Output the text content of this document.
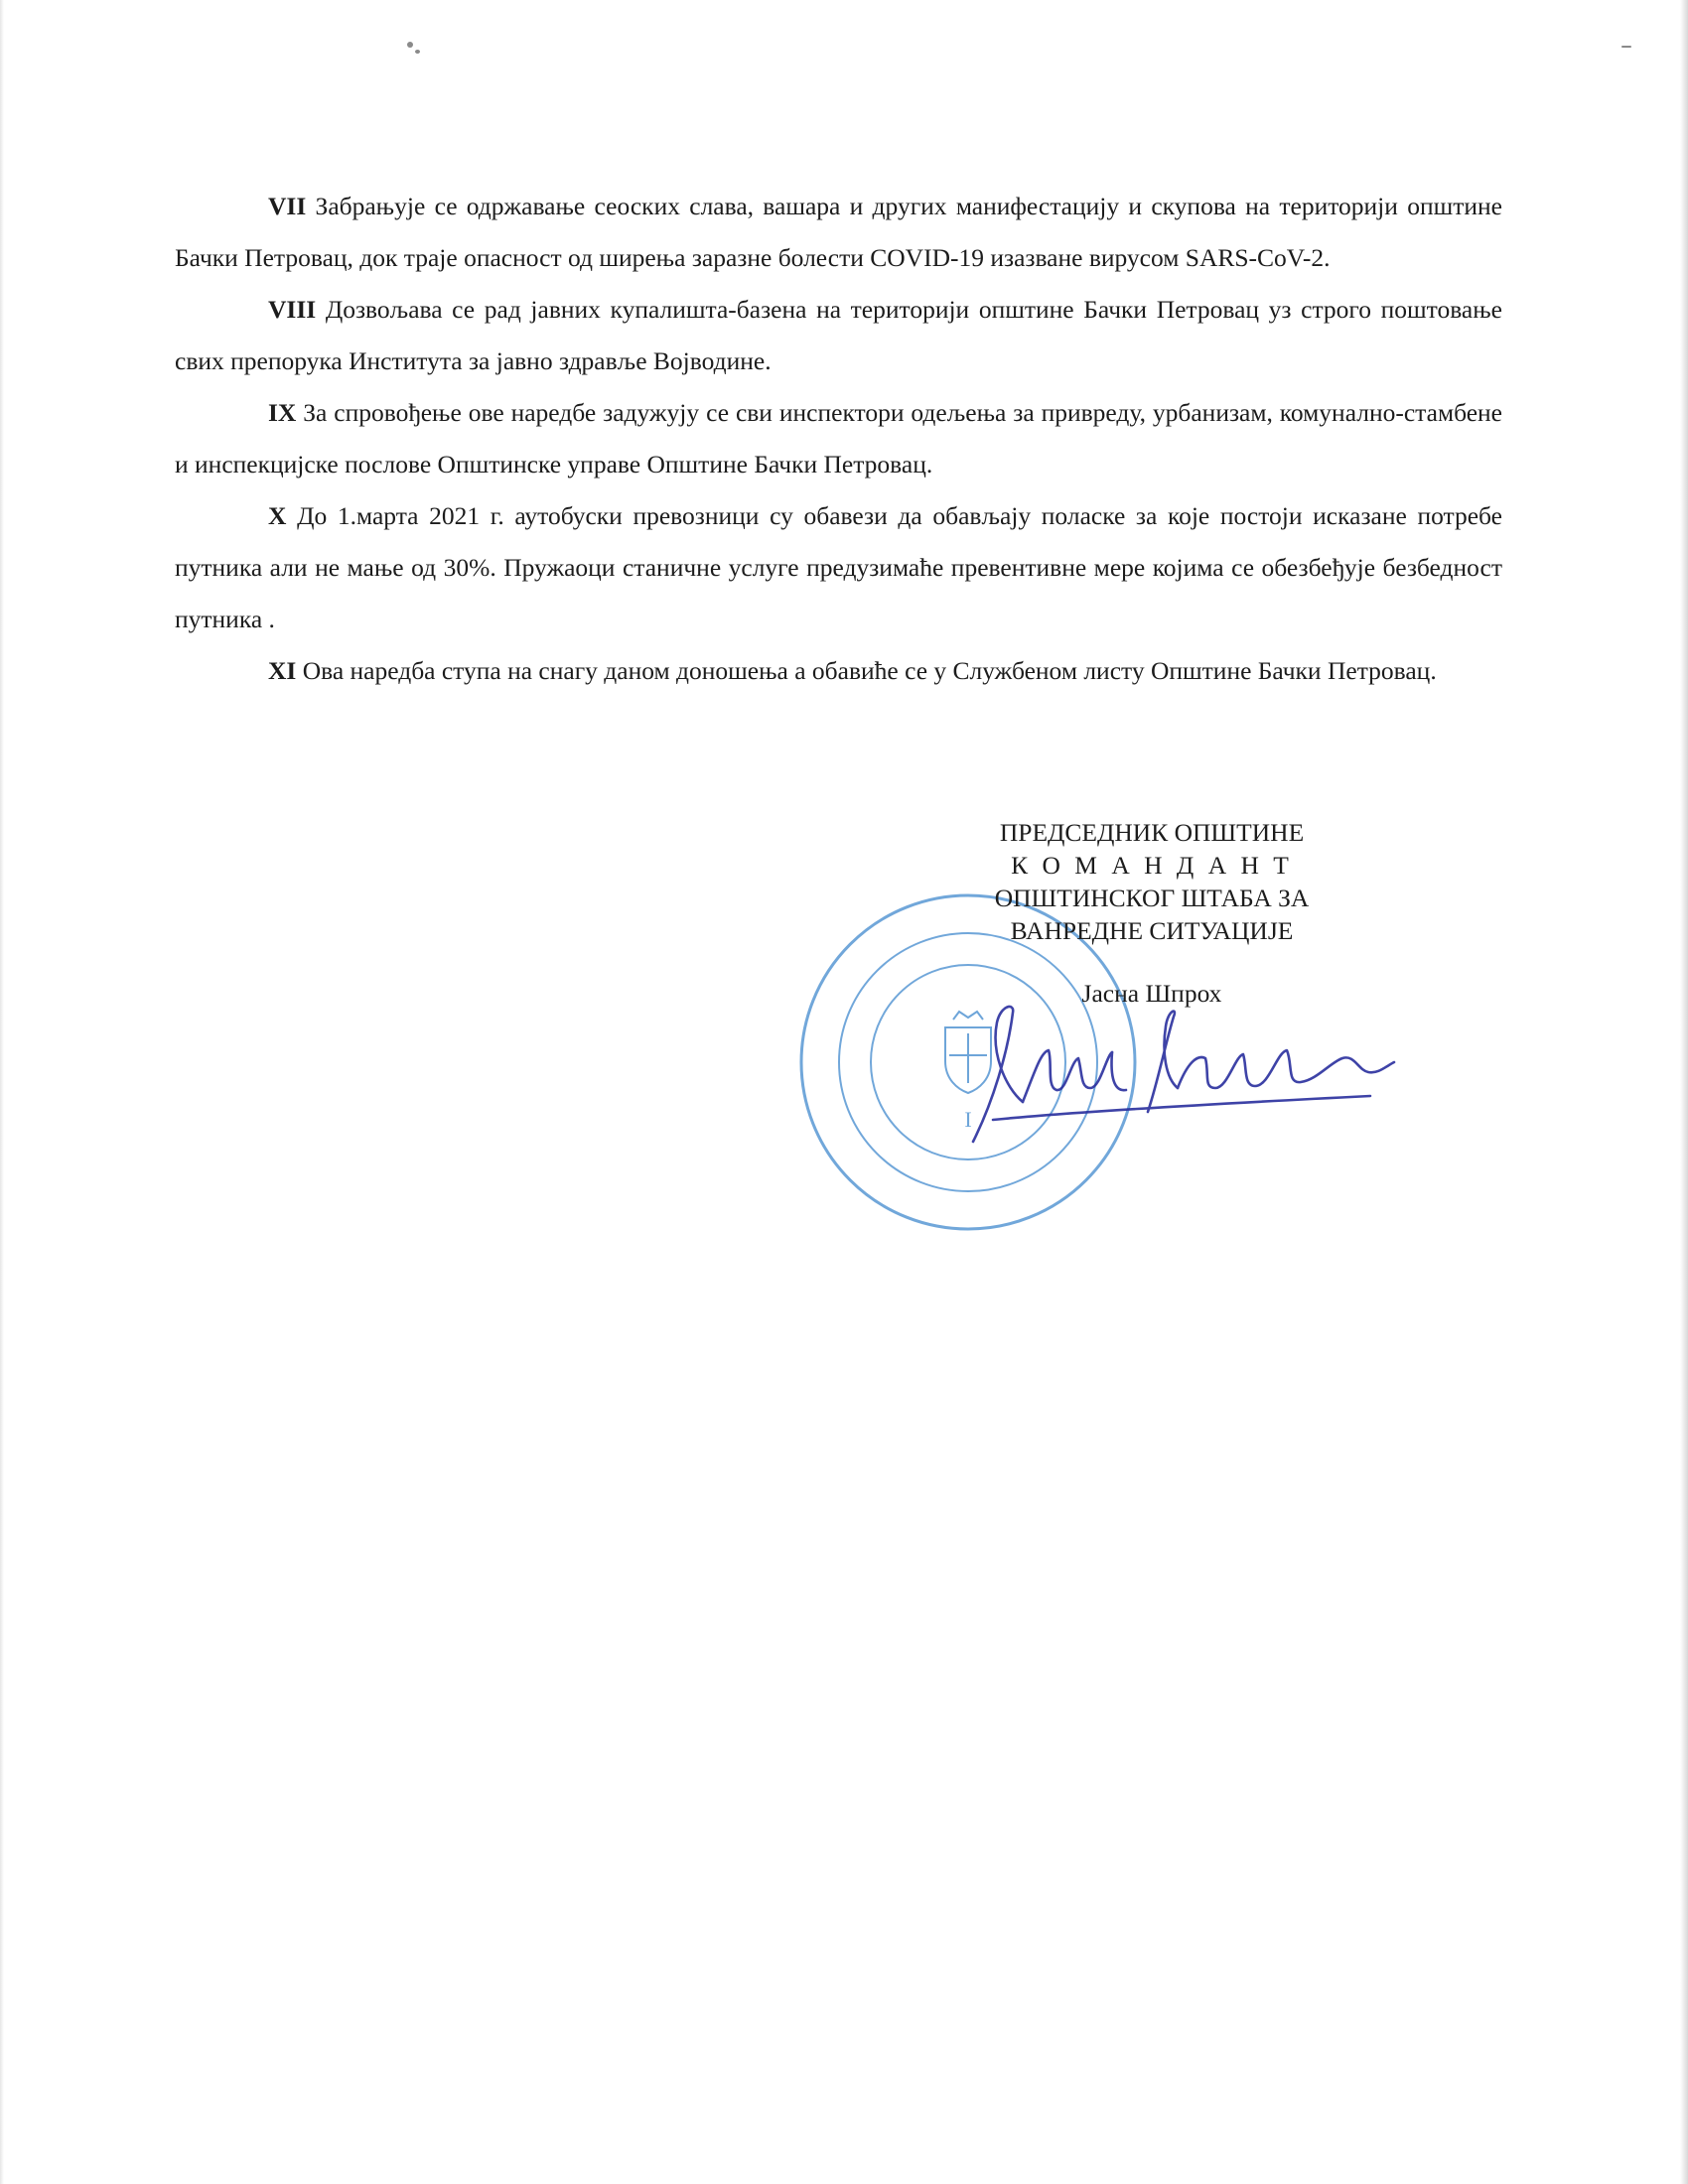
VII Забрањује се одржавање сеоских слава, вашара и других манифестацију и скупова на територији општине Бачки Петровац, док траје опасност од ширења заразне болести COVID-19 изазване вирусом SARS-CoV-2.

VIII Дозвољава се рад јавних купалишта-базена на територији општине Бачки Петровац уз строго поштовање свих препорука Института за јавно здравље Војводине.

IX За спровођење ове наредбе задужују се сви инспектори одељења за привреду, урбанизам, комунално-стамбене и инспекцијске послове Општинске управе Општине Бачки Петровац.

X До 1.марта 2021 г. аутобуски превозници су обавези да обављају поласке за које постоји исказане потребе путника али не мање од 30%. Пружаоци станичне услуге предузимаће превентивне мере којима се обезбеђује безбедност путника .

XI Ова наредба ступа на снагу даном доношења а обавиће се у Службеном листу Општине Бачки Петровац.

I
ПРЕДСЕДНИК ОПШТИНЕ
К О М А Н Д А Н Т
ОПШТИНСКОГ ШТАБА ЗА
ВАНРЕДНЕ СИТУАЦИЈЕ
Јасна Шпрох
